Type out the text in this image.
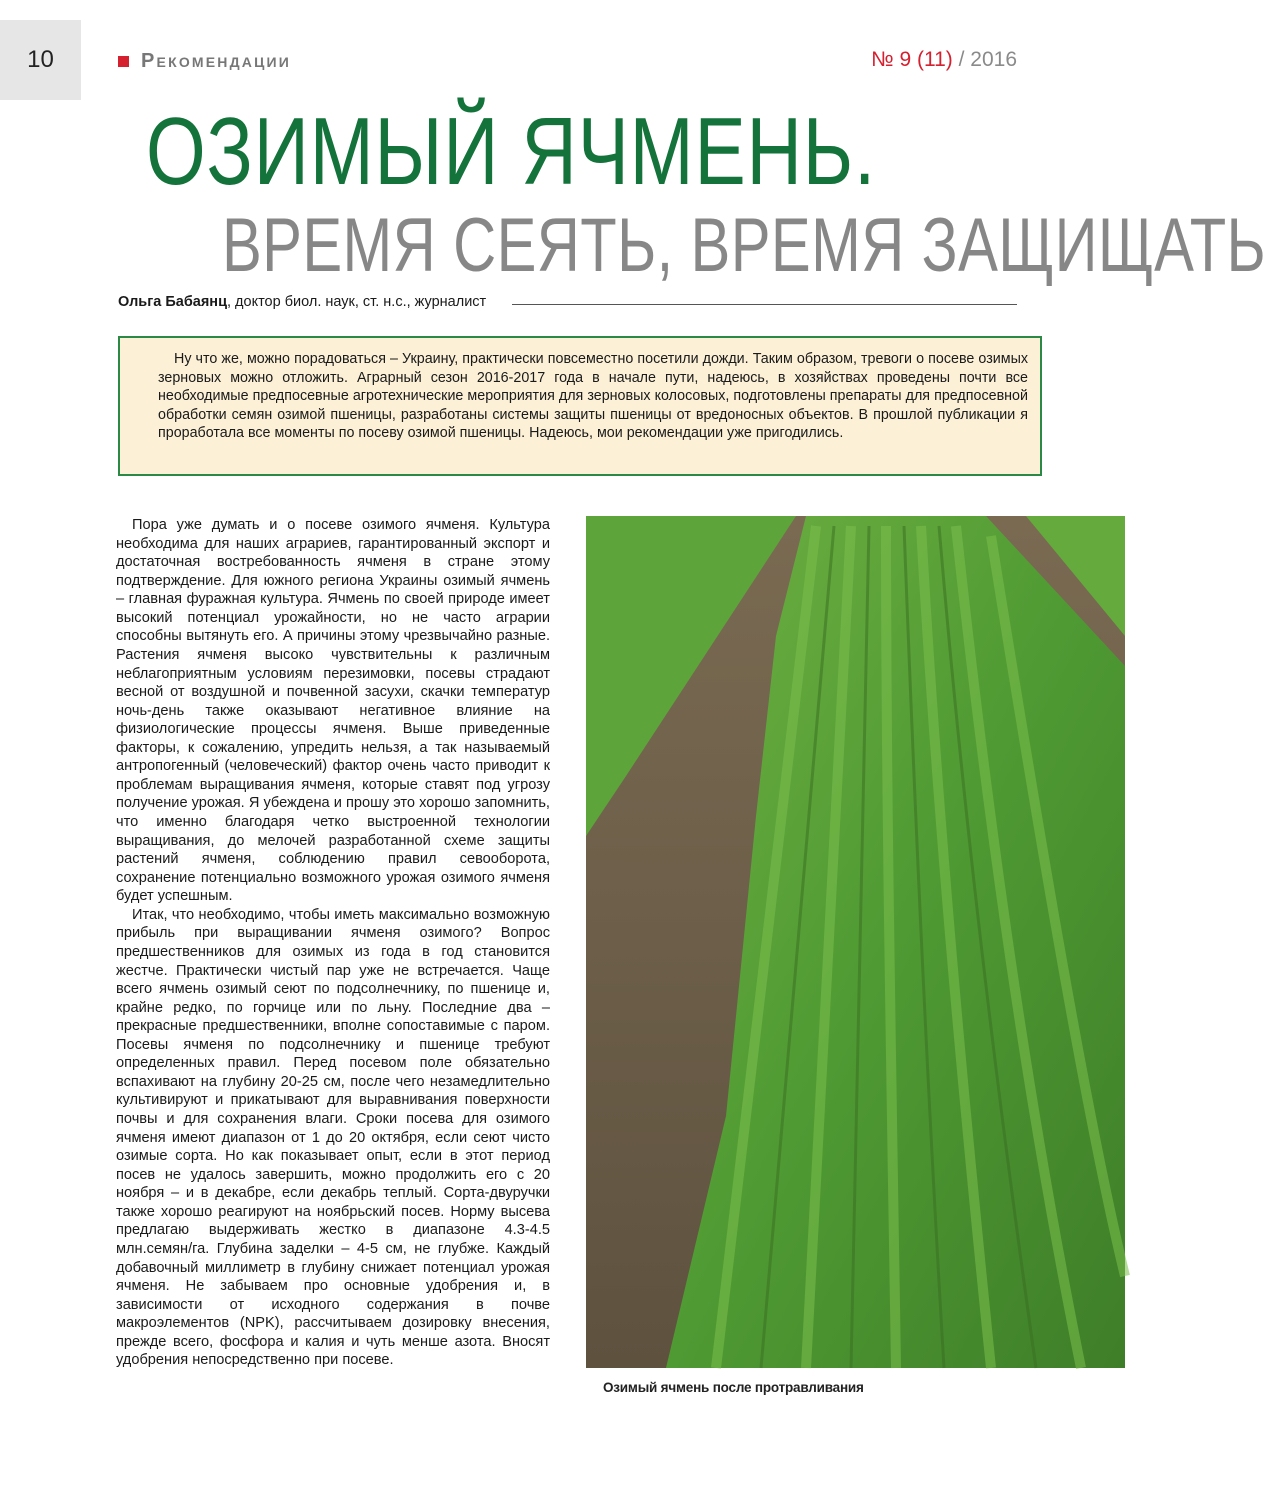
10	Рекомендации	№ 9 (11) / 2016
ОЗИМЫЙ ЯЧМЕНЬ.
ВРЕМЯ СЕЯТЬ, ВРЕМЯ ЗАЩИЩАТЬ
Ольга Бабаянц, доктор биол. наук, ст. н.с., журналист
Ну что же, можно порадоваться – Украину, практически повсеместно посетили дожди. Таким образом, тревоги о посеве озимых зерновых можно отложить. Аграрный сезон 2016-2017 года в начале пути, надеюсь, в хозяйствах проведены почти все необходимые предпосевные агротехнические мероприятия для зерновых колосовых, подготовлены препараты для предпосевной обработки семян озимой пшеницы, разработаны системы защиты пшеницы от вредоносных объектов. В прошлой публикации я проработала все моменты по посеву озимой пшеницы. Надеюсь, мои рекомендации уже пригодились.

Пора уже думать и о посеве озимого ячменя. Культура необходима для наших аграриев, гарантированный экспорт и достаточная востребованность ячменя в стране этому подтверждение. Для южного региона Украины озимый ячмень – главная фуражная культура. Ячмень по своей природе имеет высокий потенциал урожайности, но не часто аграрии способны вытянуть его. А причины этому чрезвычайно разные. Растения ячменя высоко чувствительны к различным неблагоприятным условиям перезимовки, посевы страдают весной от воздушной и почвенной засухи, скачки температур ночь-день также оказывают негативное влияние на физиологические процессы ячменя. Выше приведенные факторы, к сожалению, упредить нельзя, а так называемый антропогенный (человеческий) фактор очень часто приводит к проблемам выращивания ячменя, которые ставят под угрозу получение урожая. Я убеждена и прошу это хорошо запомнить, что именно благодаря четко выстроенной технологии выращивания, до мелочей разработанной схеме защиты растений ячменя, соблюдению правил севооборота, сохранение потенциально возможного урожая озимого ячменя будет успешным.

Итак, что необходимо, чтобы иметь максимально возможную прибыль при выращивании ячменя озимого? Вопрос предшественников для озимых из года в год становится жестче. Практически чистый пар уже не встречается. Чаще всего ячмень озимый сеют по подсолнечнику, по пшенице и, крайне редко, по горчице или по льну. Последние два – прекрасные предшественники, вполне сопоставимые с паром. Посевы ячменя по подсолнечнику и пшенице требуют определенных правил. Перед посевом поле обязательно вспахивают на глубину 20-25 см, после чего незамедлительно культивируют и прикатывают для выравнивания поверхности почвы и для сохранения влаги. Сроки посева для озимого ячменя имеют диапазон от 1 до 20 октября, если сеют чисто озимые сорта. Но как показывает опыт, если в этот период посев не удалось завершить, можно продолжить его с 20 ноября – и в декабре, если декабрь теплый. Сорта-двуручки также хорошо реагируют на ноябрьский посев. Норму высева предлагаю выдерживать жестко в диапазоне 4.3-4.5 млн.семян/га. Глубина заделки – 4-5 см, не глубже. Каждый добавочный миллиметр в глубину снижает потенциал урожая ячменя. Не забываем про основные удобрения и, в зависимости от исходного содержания в почве макроэлементов (NPK), рассчитываем дозировку внесения, прежде всего, фосфора и калия и чуть менше азота. Вносят удобрения непосредственно при посеве.

Озимый ячмень после протравливания
